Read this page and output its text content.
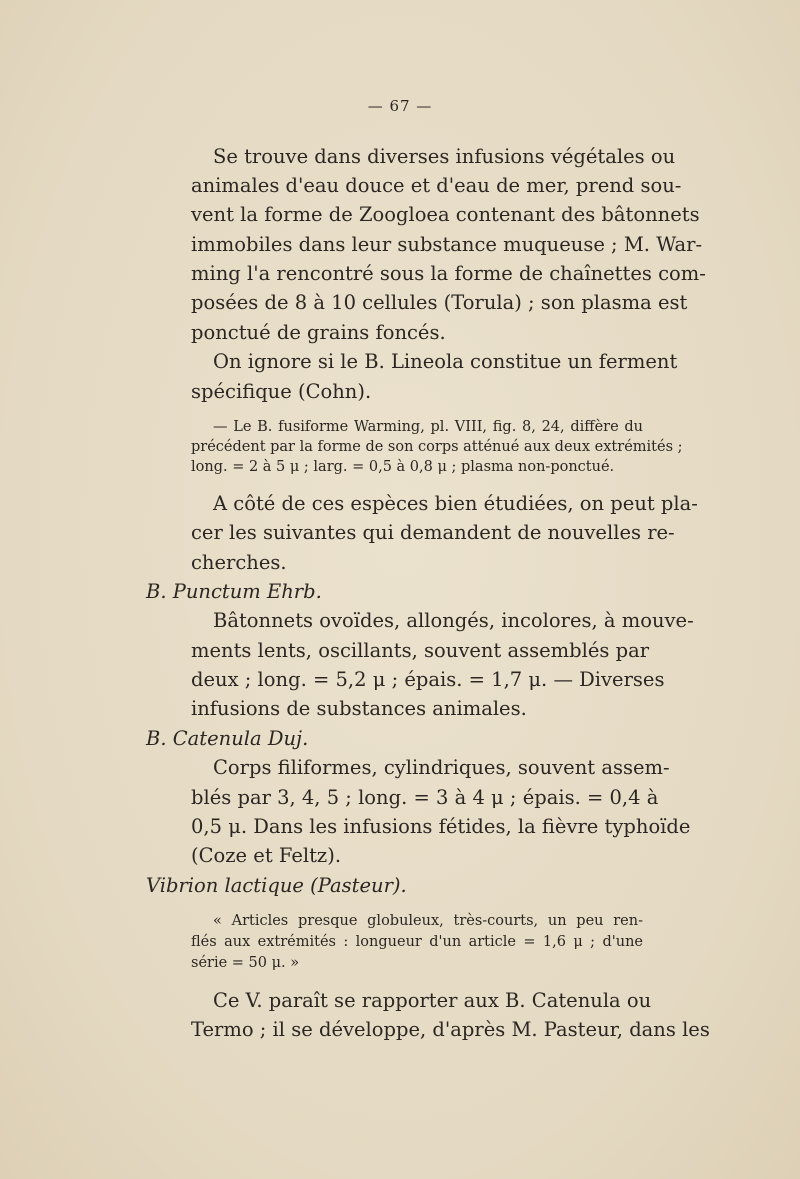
— 67 —
Se trouve dans diverses infusions végétales ou
animales d'eau douce et d'eau de mer, prend sou-
vent la forme de Zoogloea contenant des bâtonnets
immobiles dans leur substance muqueuse ; M. War-
ming l'a rencontré sous la forme de chaînettes com-
posées de 8 à 10 cellules (Torula) ; son plasma est
ponctué de grains foncés.
On ignore si le B. Lineola constitue un ferment
spécifique (Cohn).
— Le B. fusiforme Warming, pl. VIII, fig. 8, 24, diffère du
précédent par la forme de son corps atténué aux deux extrémités ;
long. = 2 à 5 μ ; larg. = 0,5 à 0,8 μ ; plasma non-ponctué.
A côté de ces espèces bien étudiées, on peut pla-
cer les suivantes qui demandent de nouvelles re-
cherches.
B. Punctum Ehrb.
Bâtonnets ovoïdes, allongés, incolores, à mouve-
ments lents, oscillants, souvent assemblés par
deux ; long. = 5,2 μ ; épais. = 1,7 μ. — Diverses
infusions de substances animales.
B. Catenula Duj.
Corps filiformes, cylindriques, souvent assem-
blés par 3, 4, 5 ; long. = 3 à 4 μ ; épais. = 0,4 à
0,5 μ. Dans les infusions fétides, la fièvre typhoïde
(Coze et Feltz).
Vibrion lactique (Pasteur).
« Articles presque globuleux, très-courts, un peu ren-
flés aux extrémités : longueur d'un article = 1,6 μ ; d'une
série = 50 μ. »
Ce V. paraît se rapporter aux B. Catenula ou
Termo ; il se développe, d'après M. Pasteur, dans les
